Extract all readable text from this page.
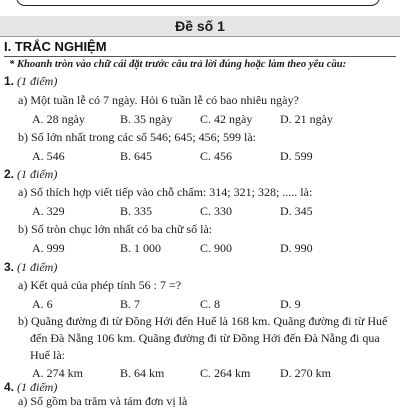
Đề số 1
I. TRẮC NGHIỆM
* Khoanh tròn vào chữ cái đặt trước câu trả lời đúng hoặc làm theo yêu cầu:
1. (1 điểm)
a) Một tuần lễ có 7 ngày. Hỏi 6 tuần lễ có bao nhiêu ngày?
A. 28 ngày	B. 35 ngày C. 42 ngày D. 21 ngày
b) Số lớn nhất trong các số 546; 645; 456; 599 là:
A. 546	B. 645	C. 456	D. 599
2. (1 điểm)
a) Số thích hợp viết tiếp vào chỗ chấm: 314; 321; 328; ..... là:
A. 329	B. 335	C. 330	D. 345
b) Số tròn chục lớn nhất có ba chữ số là:
A. 999	B. 1 000	C. 900	D. 990
3. (1 điểm)
a) Kết quả của phép tính 56 : 7 =?
A. 6	B. 7	C. 8	D. 9
b) Quãng đường đi từ Đồng Hới đến Huế là 168 km. Quãng đường đi từ Huế
đến Đà Nẵng 106 km. Quãng đường đi từ Đồng Hới đến Đà Nẵng đi qua
Huế là:
A. 274 km	B. 64 km	C. 264 km D. 270 km
4. (1 điểm)
a) Số gồm ba trăm và tám đơn vị là
